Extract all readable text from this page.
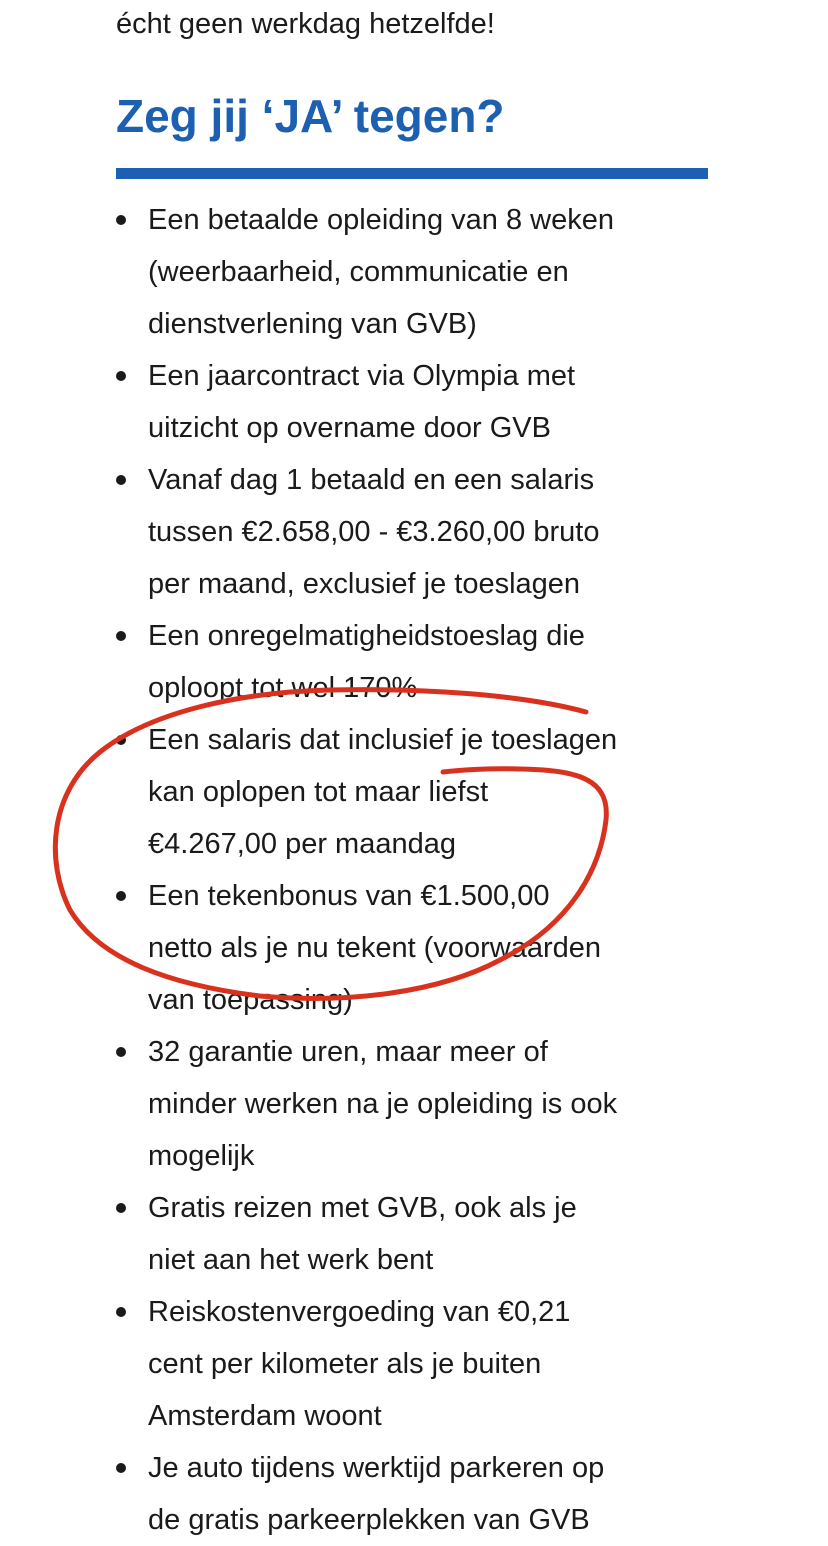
écht geen werkdag hetzelfde!
Zeg jij ‘JA’ tegen?
Een betaalde opleiding van 8 weken
(weerbaarheid, communicatie en
dienstverlening van GVB)
Een jaarcontract via Olympia met
uitzicht op overname door GVB
Vanaf dag 1 betaald en een salaris
tussen €2.658,00 - €3.260,00 bruto
per maand, exclusief je toeslagen
Een onregelmatigheidstoeslag die
oploopt tot wel 170%
Een salaris dat inclusief je toeslagen
kan oplopen tot maar liefst
€4.267,00 per maandag
Een tekenbonus van €1.500,00
netto als je nu tekent (voorwaarden
van toepassing)
32 garantie uren, maar meer of
minder werken na je opleiding is ook
mogelijk
Gratis reizen met GVB, ook als je
niet aan het werk bent
Reiskostenvergoeding van €0,21
cent per kilometer als je buiten
Amsterdam woont
Je auto tijdens werktijd parkeren op
de gratis parkeerplekken van GVB
